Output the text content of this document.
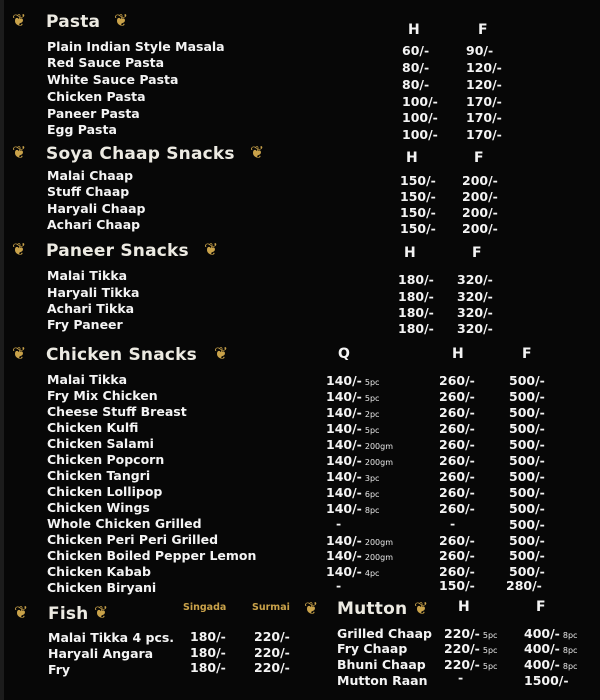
❦ Pasta ❦	H	F
Plain Indian Style Masala	60/-	90/-
Red Sauce Pasta	80/-	120/-
White Sauce Pasta	80/-	120/-
Chicken Pasta	100/- 170/-
Paneer Pasta	100/- 170/-
Egg Pasta	100/- 170/-
❦ Soya Chaap Snacks ❦	H	F
Malai Chaap	150/- 200/-
Stuff Chaap	150/- 200/-
Haryali Chaap	150/- 200/-
Achari Chaap	150/- 200/-
❦ Paneer Snacks ❦	H	F
Malai Tikka	180/- 320/-
Haryali Tikka	180/- 320/-
Achari Tikka	180/- 320/-
Fry Paneer	180/- 320/-
❦ Chicken Snacks ❦	Q	H	F
Malai Tikka	140/- 5pc	260/-	500/-
Fry Mix Chicken	140/- 5pc	260/-	500/-
Cheese Stuff Breast	140/- 2pc	260/-	500/-
Chicken Kulfi	140/- 5pc	260/-	500/-
Chicken Salami	140/- 200gm	260/-	500/-
Chicken Popcorn	140/- 200gm	260/-	500/-
Chicken Tangri	140/- 3pc	260/-	500/-
Chicken Lollipop	140/- 6pc	260/-	500/-
Chicken Wings	140/- 8pc	260/-	500/-
Whole Chicken Grilled	-	-	500/-
Chicken Peri Peri Grilled	140/- 200gm	260/-	500/-
Chicken Boiled Pepper Lemon	140/- 200gm	260/-	500/-
Chicken Kabab	140/- 4pc	260/-	500/-
Chicken Biryani	-	150/- 280/-
❦ Fish ❦	Singada	Surmai
Malai Tikka 4 pcs. 180/- 220/-
Haryali Angara	180/- 220/-
Fry	180/- 220/-
❦ Mutton ❦ H	F
Grilled Chaap 220/- 5pc 400/- 8pc
Fry Chaap	220/- 5pc 400/- 8pc
Bhuni Chaap 220/- 5pc 400/- 8pc
Mutton Raan -	1500/-
